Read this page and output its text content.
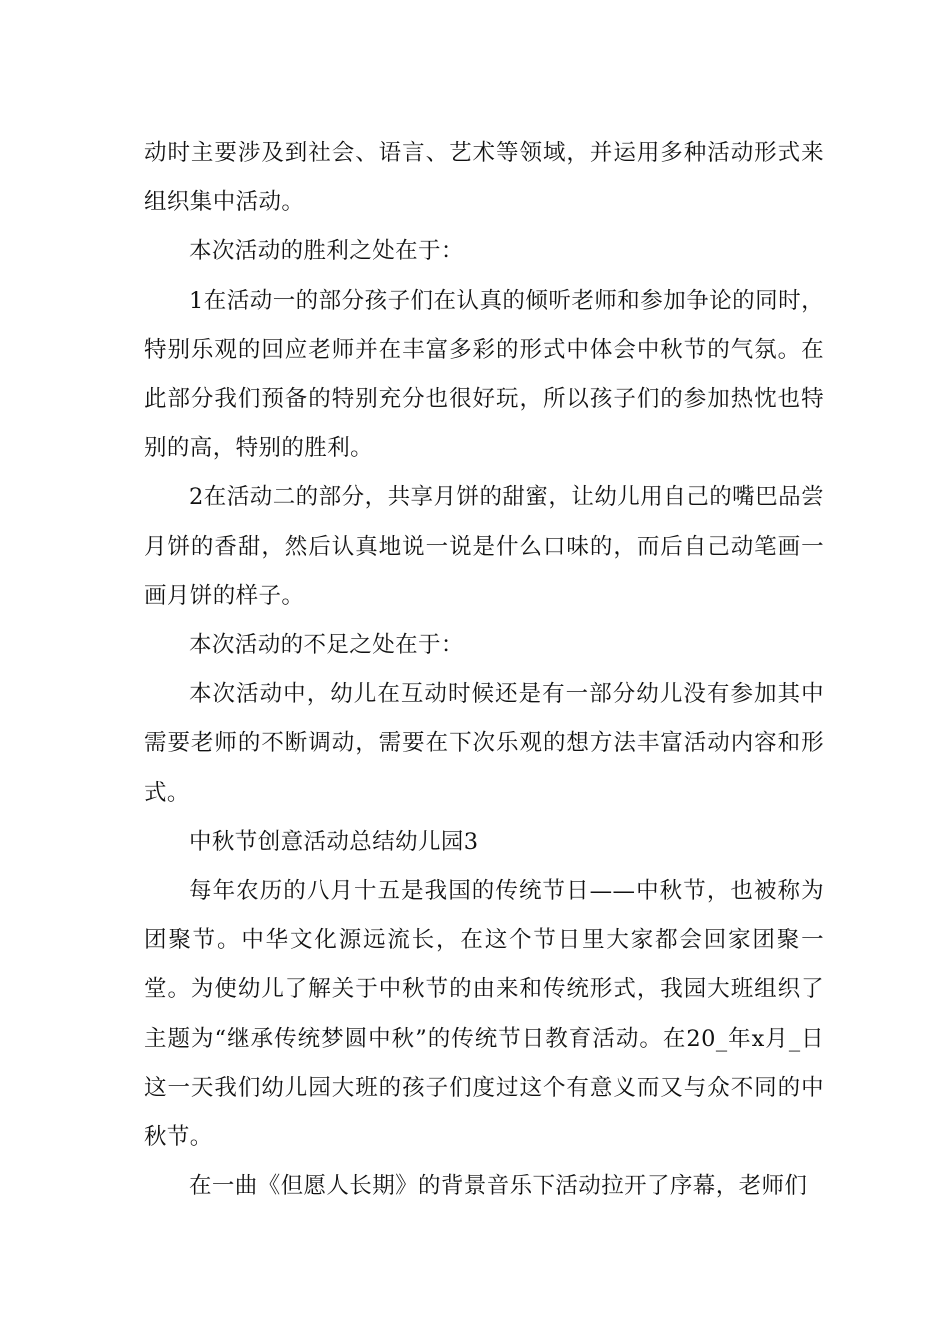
动时主要涉及到社会、语言、艺术等领域，并运用多种活动形式来组织集中活动。

本次活动的胜利之处在于：

1在活动一的部分孩子们在认真的倾听老师和参加争论的同时，特别乐观的回应老师并在丰富多彩的形式中体会中秋节的气氛。在此部分我们预备的特别充分也很好玩，所以孩子们的参加热忱也特别的高，特别的胜利。

2在活动二的部分，共享月饼的甜蜜，让幼儿用自己的嘴巴品尝月饼的香甜，然后认真地说一说是什么口味的，而后自己动笔画一画月饼的样子。

本次活动的不足之处在于：

本次活动中，幼儿在互动时候还是有一部分幼儿没有参加其中需要老师的不断调动，需要在下次乐观的想方法丰富活动内容和形式。

中秋节创意活动总结幼儿园3

每年农历的八月十五是我国的传统节日——中秋节，也被称为团聚节。中华文化源远流长，在这个节日里大家都会回家团聚一堂。为使幼儿了解关于中秋节的由来和传统形式，我园大班组织了主题为“继承传统梦圆中秋”的传统节日教育活动。在20_年x月_日这一天我们幼儿园大班的孩子们度过这个有意义而又与众不同的中秋节。

在一曲《但愿人长期》的背景音乐下活动拉开了序幕，老师们
